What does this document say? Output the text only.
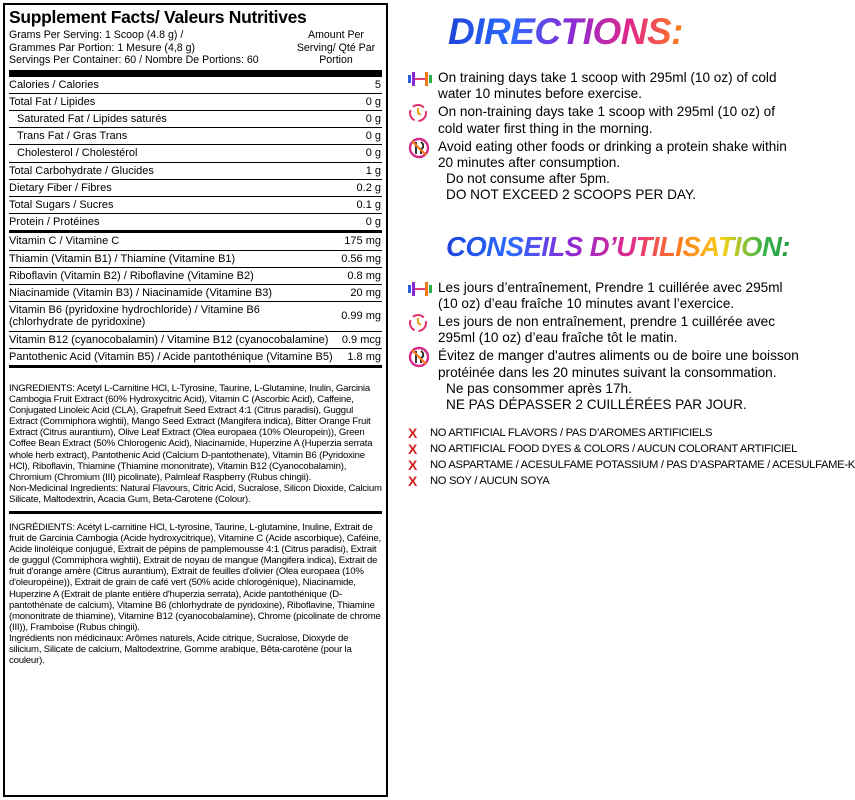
Supplement Facts/ Valeurs Nutritives
Grams Per Serving: 1 Scoop (4.8 g) /
Grammes Par Portion: 1 Mesure (4,8 g)
Servings Per Container: 60 / Nombre De Portions: 60
Amount Per Serving/ Qté Par Portion
Calories / Calories	5
Total Fat / Lipides	0 g
Saturated Fat / Lipides saturés	0 g
Trans Fat / Gras Trans	0 g
Cholesterol / Cholestérol	0 g
Total Carbohydrate / Glucides	1 g
Dietary Fiber / Fibres	0.2 g
Total Sugars / Sucres	0.1 g
Protein / Protéines	0 g
Vitamin C / Vitamine C	175 mg
Thiamin (Vitamin B1) / Thiamine (Vitamine B1)	0.56 mg
Riboflavin (Vitamin B2) / Riboflavine (Vitamine B2)	0.8 mg
Niacinamide (Vitamin B3) / Niacinamide (Vitamine B3)	20 mg
Vitamin B6 (pyridoxine hydrochloride) / Vitamine B6 (chlorhydrate de pyridoxine)
0.99 mg
Vitamin B12 (cyanocobalamin) / Vitamine B12 (cyanocobalamine) 0.9 mcg
Pantothenic Acid (Vitamin B5) / Acide pantothénique (Vitamine B5) 1.8 mg

INGREDIENTS: Acetyl L-Carnitine HCl, L-Tyrosine, Taurine, L-Glutamine, Inulin, Garcinia Cambogia Fruit Extract (60% Hydroxycitric Acid), Vitamin C (Ascorbic Acid), Caffeine, Conjugated Linoleic Acid (CLA), Grapefruit Seed Extract 4:1 (Citrus paradisi), Guggul Extract (Commiphora wightii), Mango Seed Extract (Mangifera indica), Bitter Orange Fruit Extract (Citrus aurantium), Olive Leaf Extract (Olea europaea (10% Oleuropein)), Green Coffee Bean Extract (50% Chlorogenic Acid), Niacinamide, Huperzine A (Huperzia serrata whole herb extract), Pantothenic Acid (Calcium D-pantothenate), Vitamin B6 (Pyridoxine HCl), Riboflavin, Thiamine (Thiamine mononitrate), Vitamin B12 (Cyanocobalamin), Chromium (Chromium (III) picolinate), Palmleaf Raspberry (Rubus chingii).

Non-Medicinal Ingredients: Natural Flavours, Citric Acid, Sucralose, Silicon Dioxide, Calcium Silicate, Maltodextrin, Acacia Gum, Beta-Carotene (Colour).

INGRÉDIENTS: Acétyl L-carnitine HCl, L-tyrosine, Taurine, L-glutamine, Inuline, Extrait de fruit de Garcinia Cambogia (Acide hydroxycitrique), Vitamine C (Acide ascorbique), Caféine, Acide linoléique conjugué, Extrait de pépins de pamplemousse 4:1 (Citrus paradisi), Extrait de guggul (Commiphora wightii), Extrait de noyau de mangue (Mangifera indica), Extrait de fruit d'orange amère (Citrus aurantium), Extrait de feuilles d'olivier (Olea europaea (10% d'oleuropéine)), Extrait de grain de café vert (50% acide chlorogénique), Niacinamide, Huperzine A (Extrait de plante entière d'huperzia serrata), Acide pantothénique (D-pantothénate de calcium), Vitamine B6 (chlorhydrate de pyridoxine), Riboflavine, Thiamine (mononitrate de thiamine), Vitamine B12 (cyanocobalamine), Chrome (picolinate de chrome (III)), Framboise (Rubus chingii).

Ingrédients non médicinaux: Arômes naturels, Acide citrique, Sucralose, Dioxyde de silicium, Silicate de calcium, Maltodextrine, Gomme arabique, Bêta-carotène (pour la couleur).

DIRECTIONS:
On training days take 1 scoop with 295ml (10 oz) of cold water 10 minutes before exercise.
On non-training days take 1 scoop with 295ml (10 oz) of cold water first thing in the morning.
Avoid eating other foods or drinking a protein shake within 20 minutes after consumption.
Do not consume after 5pm.
DO NOT EXCEED 2 SCOOPS PER DAY.
CONSEILS D’UTILISATION:
Les jours d’entraînement, Prendre 1 cuillérée avec 295ml (10 oz) d’eau fraîche 10 minutes avant l’exercice.
Les jours de non entraînement, prendre 1 cuillérée avec 295ml (10 oz) d’eau fraîche tôt le matin.
Évitez de manger d'autres aliments ou de boire une boisson protéinée dans les 20 minutes suivant la consommation.
Ne pas consommer après 17h.
NE PAS DÉPASSER 2 CUILLÉRÉES PAR JOUR.
X	NO ARTIFICIAL FLAVORS / PAS D’AROMES ARTIFICIELS
X	NO ARTIFICIAL FOOD DYES & COLORS / AUCUN COLORANT ARTIFICIEL
X	NO ASPARTAME / ACESULFAME POTASSIUM / PAS D’ASPARTAME / ACESULFAME-K
X	NO SOY / AUCUN SOYA
